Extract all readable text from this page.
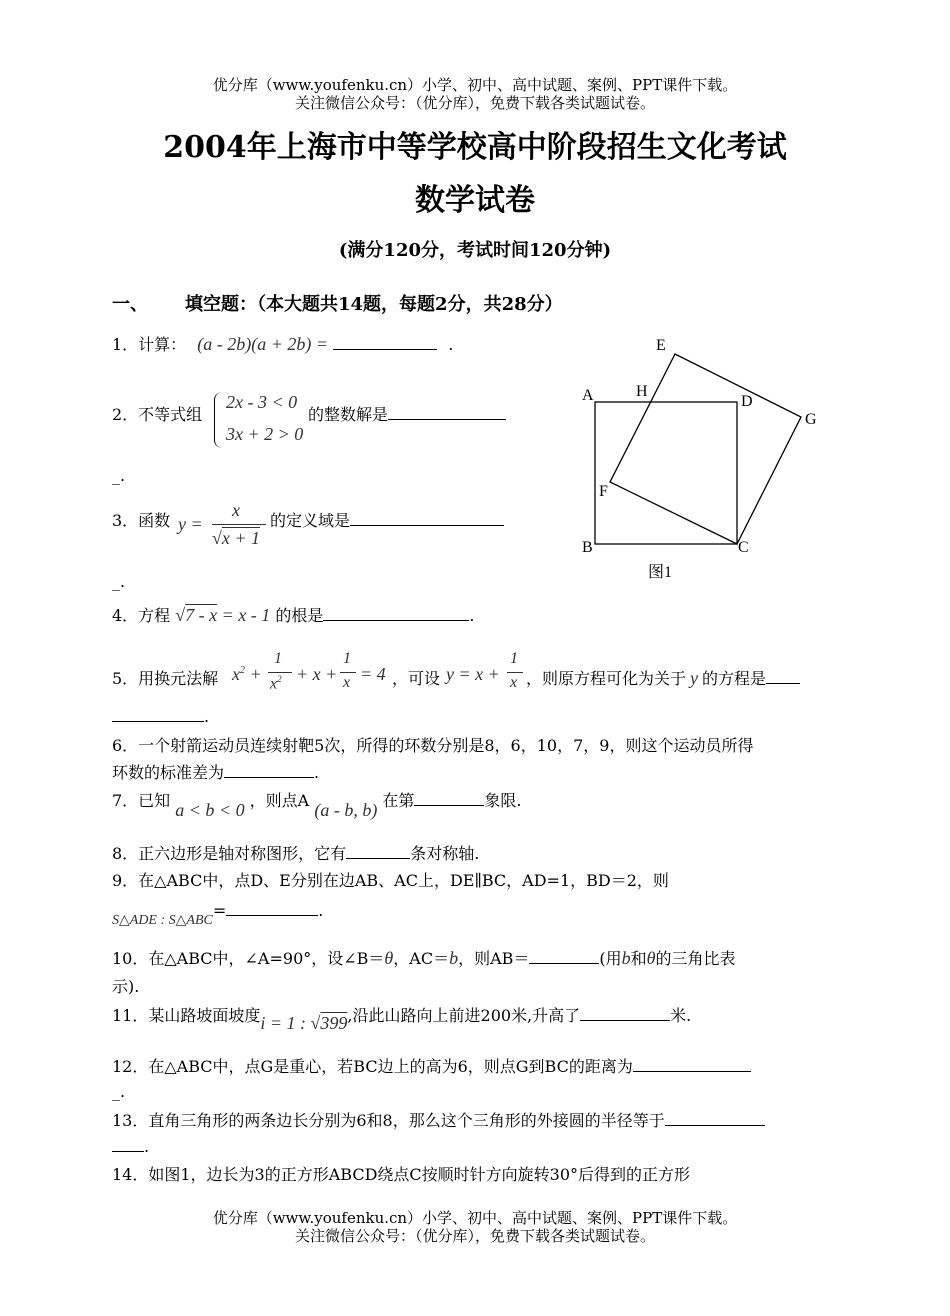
优分库（www.youfenku.cn）小学、初中、高中试题、案例、PPT课件下载。
关注微信公众号：（优分库），免费下载各类试题试卷。
2004年上海市中等学校高中阶段招生文化考试
数学试卷
(满分120分，考试时间120分钟)
一、 填空题：（本大题共14题，每题2分，共28分）
1．计算： (a - 2b)(a + 2b) =	.
2．不等式组
2x - 3 < 0
3x + 2 > 0
的整数解是
_.
3．函数 y =
x
√x + 1
的定义域是
_.
4．方程 √7 - x = x - 1 的根是	.
5．用换元法解 $x^2$ +
1
$x^2 + x$ +
1
x = 4 ，可设 y = x +
1
x ，则原方程可化为关于 y 的方程是
.
6．一个射箭运动员连续射靶5次，所得的环数分别是8，6，10，7，9，则这个运动员所得
环数的标准差为	.
7．已知 a < b < 0 ，则点A (a - b, b) 在第	象限.
8．正六边形是轴对称图形，它有	条对称轴.
9．在△ABC中，点D、E分别在边AB、AC上，DE∥BC，AD=1，BD＝2，则
S△ADE : S△ABC=	.
10．在△ABC中，∠A=90°，设∠B＝θ，AC＝b，则AB＝	(用b和θ的三角比表
示).
11．某山路坡面坡度i = 1 : √399,沿此山路向上前进200米,升高了	米.
12．在△ABC中，点G是重心，若BC边上的高为6，则点G到BC的距离为
_.
13．直角三角形的两条边长分别为6和8，那么这个三角形的外接圆的半径等于
.
14．如图1，边长为3的正方形ABCD绕点C按顺时针方向旋转30°后得到的正方形
A	H
E
D
G
F
B	C
图1
优分库（www.youfenku.cn）小学、初中、高中试题、案例、PPT课件下载。
关注微信公众号：（优分库），免费下载各类试题试卷。
